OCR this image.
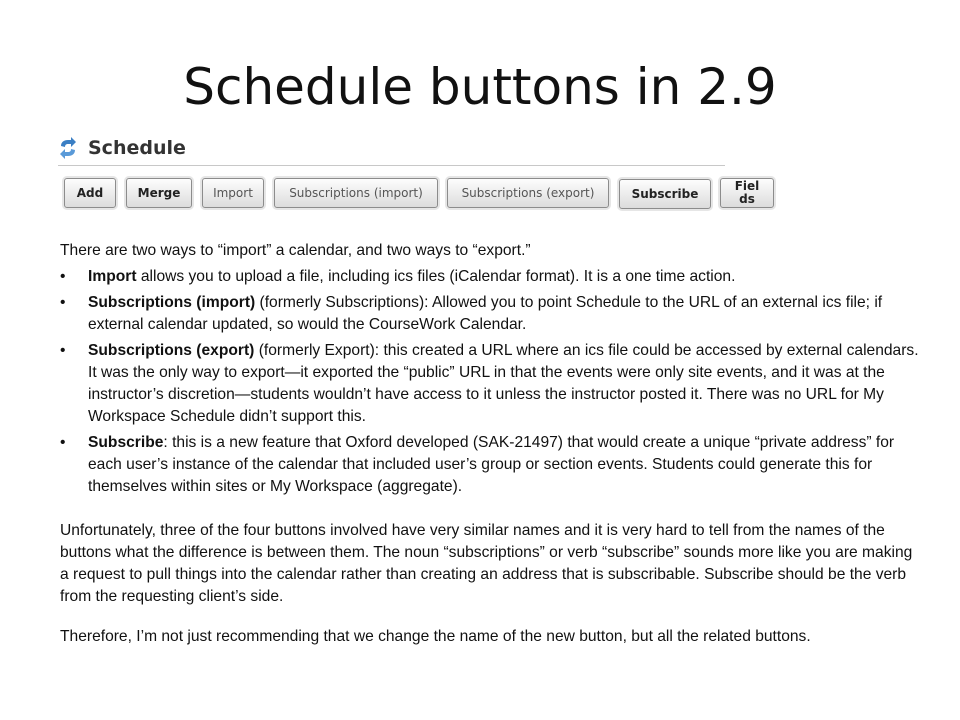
Schedule buttons in 2.9
Schedule
Add	Merge	Import	Subscriptions (import)	Subscriptions (export)	Subscribe
Fields

There are two ways to “import” a calendar, and two ways to “export.”

• Import allows you to upload a file, including ics files (iCalendar format). It is a one time action.
• Subscriptions (import) (formerly Subscriptions): Allowed you to point Schedule to the URL of an external ics file; if external calendar updated, so would the CourseWork Calendar.
• Subscriptions (export) (formerly Export): this created a URL where an ics file could be accessed by external calendars. It was the only way to export—it exported the “public” URL in that the events were only site events, and it was at the instructor’s discretion—students wouldn’t have access to it unless the instructor posted it. There was no URL for My Workspace Schedule didn’t support this.
• Subscribe: this is a new feature that Oxford developed (SAK-21497) that would create a unique “private address” for each user’s instance of the calendar that included user’s group or section events. Students could generate this for themselves within sites or My Workspace (aggregate).

Unfortunately, three of the four buttons involved have very similar names and it is very hard to tell from the names of the buttons what the difference is between them. The noun “subscriptions” or verb “subscribe” sounds more like you are making a request to pull things into the calendar rather than creating an address that is subscribable. Subscribe should be the verb from the requesting client’s side.

Therefore, I’m not just recommending that we change the name of the new button, but all the related buttons.
